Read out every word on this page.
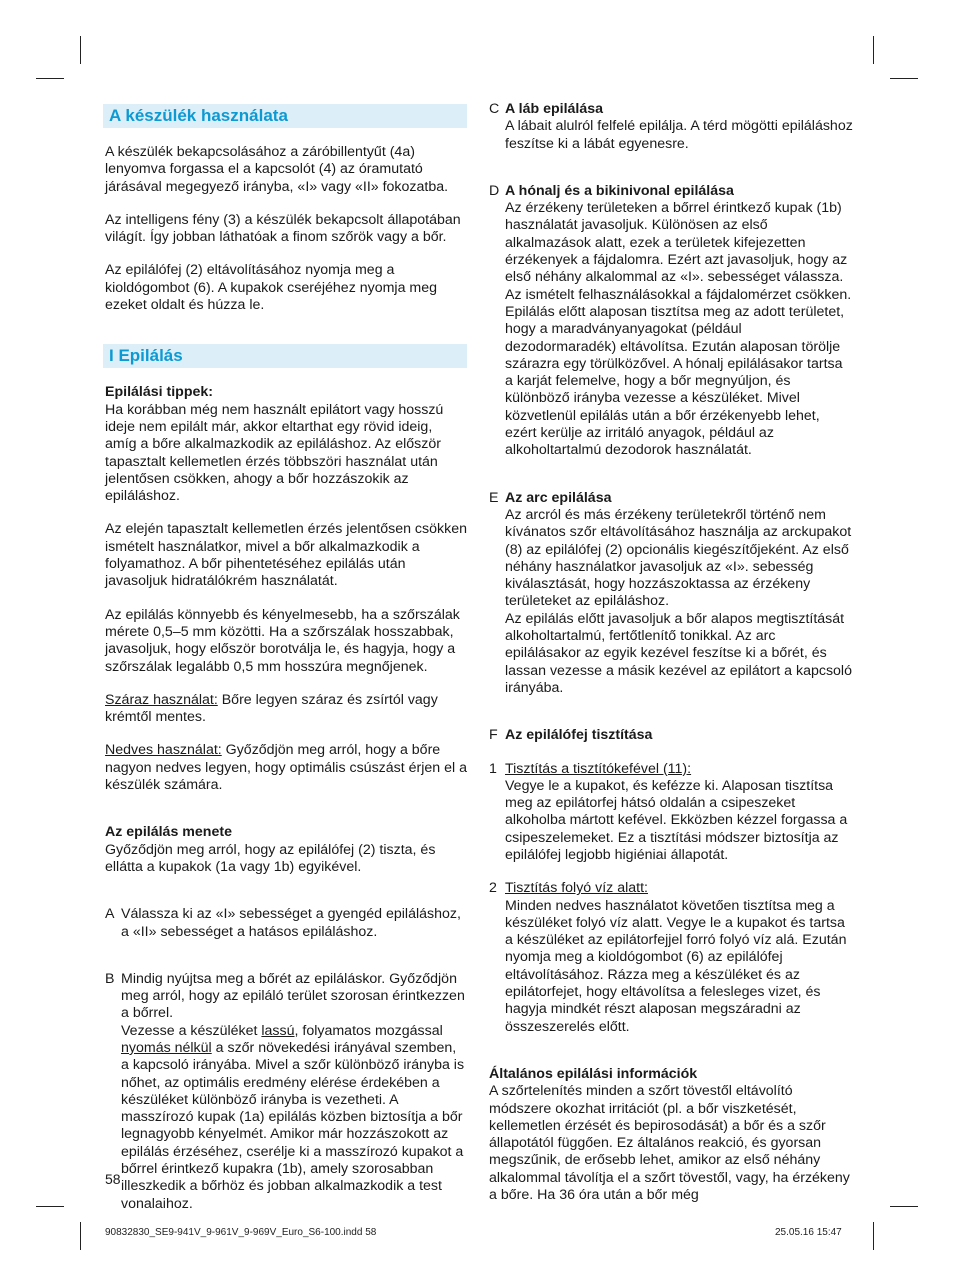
A készülék használata

A készülék bekapcsolásához a záróbillentyűt (4a) lenyomva forgassa el a kapcsolót (4) az óramutató járásával megegyező irányba, «I» vagy «II» fokozatba.

Az intelligens fény (3) a készülék bekapcsolt állapotában világít. Így jobban láthatóak a finom szőrök vagy a bőr.

Az epilálófej (2) eltávolításához nyomja meg a kioldógombot (6). A kupakok cseréjéhez nyomja meg ezeket oldalt és húzza le.

I Epilálás

Epilálási tippek:

Ha korábban még nem használt epilátort vagy hosszú ideje nem epilált már, akkor eltarthat egy rövid ideig, amíg a bőre alkalmazkodik az epiláláshoz. Az először tapasztalt kellemetlen érzés többszöri használat után jelentősen csökken, ahogy a bőr hozzászokik az epiláláshoz.

Az elején tapasztalt kellemetlen érzés jelentősen csökken ismételt használatkor, mivel a bőr alkalmazkodik a folyamathoz. A bőr pihentetéséhez epilálás után javasoljuk hidratálókrém használatát.

Az epilálás könnyebb és kényelmesebb, ha a szőrszálak mérete 0,5–5 mm közötti. Ha a szőrszálak hosszabbak, javasoljuk, hogy először borotválja le, és hagyja, hogy a szőrszálak legalább 0,5 mm hosszúra megnőjenek.

Száraz használat: Bőre legyen száraz és zsírtól vagy krémtől mentes.

Nedves használat: Győződjön meg arról, hogy a bőre nagyon nedves legyen, hogy optimális csúszást érjen el a készülék számára.

Az epilálás menete

Győződjön meg arról, hogy az epilálófej (2) tiszta, és ellátta a kupakok (1a vagy 1b) egyikével.

A Válassza ki az «I» sebességet a gyengéd epiláláshoz, a «II» sebességet a hatásos epiláláshoz.

B Mindig nyújtsa meg a bőrét az epiláláskor. Győződjön meg arról, hogy az epiláló terület szorosan érintkezzen a bőrrel.

Vezesse a készüléket lassú, folyamatos mozgással nyomás nélkül a szőr növekedési irányával szemben, a kapcsoló irányába. Mivel a szőr különböző irányba is nőhet, az optimális eredmény elérése érdekében a készüléket különböző irányba is vezetheti. A masszírozó kupak (1a) epilálás közben biztosítja a bőr legnagyobb kényelmét. Amikor már hozzászokott az epilálás érzéséhez, cserélje ki a masszírozó kupakot a bőrrel érintkező kupakra (1b), amely szorosabban illeszkedik a bőrhöz és jobban alkalmazkodik a test vonalaihoz.

58
C A láb epilálása

A lábait alulról felfelé epilálja. A térd mögötti epiláláshoz feszítse ki a lábát egyenesre.

D A hónalj és a bikinivonal epilálása

Az érzékeny területeken a bőrrel érintkező kupak (1b) használatát javasoljuk. Különösen az első alkalmazások alatt, ezek a területek kifejezetten érzékenyek a fájdalomra. Ezért azt javasoljuk, hogy az első néhány alkalommal az «I». sebességet válassza. Az ismételt felhasználásokkal a fájdalomérzet csökken.

Epilálás előtt alaposan tisztítsa meg az adott területet, hogy a maradványanyagokat (például dezodormaradék) eltávolítsa. Ezután alaposan törölje szárazra egy törülközővel. A hónalj epilálásakor tartsa a karját felemelve, hogy a bőr megnyúljon, és különböző irányba vezesse a készüléket. Mivel közvetlenül epilálás után a bőr érzékenyebb lehet, ezért kerülje az irritáló anyagok, például az alkoholtartalmú dezodorok használatát.

E Az arc epilálása

Az arcról és más érzékeny területekről történő nem kívánatos szőr eltávolításához használja az arckupakot (8) az epilálófej (2) opcionális kiegészítőjeként. Az első néhány használatkor javasoljuk az «I». sebesség kiválasztását, hogy hozzászoktassa az érzékeny területeket az epiláláshoz.

Az epilálás előtt javasoljuk a bőr alapos megtisztítását alkoholtartalmú, fertőtlenítő tonikkal. Az arc epilálásakor az egyik kezével feszítse ki a bőrét, és lassan vezesse a másik kezével az epilátort a kapcsoló irányába.

F Az epilálófej tisztítása

1 Tisztítás a tisztítókefével (11):

Vegye le a kupakot, és kefézze ki. Alaposan tisztítsa meg az epilátorfej hátsó oldalán a csipeszeket alkoholba mártott kefével. Ekközben kézzel forgassa a csipeszelemeket. Ez a tisztítási módszer biztosítja az epilálófej legjobb higiéniai állapotát.

2 Tisztítás folyó víz alatt:

Minden nedves használatot követően tisztítsa meg a készüléket folyó víz alatt. Vegye le a kupakot és tartsa a készüléket az epilátorfejjel forró folyó víz alá. Ezután nyomja meg a kioldógombot (6) az epilálófej eltávolításához. Rázza meg a készüléket és az epilátorfejet, hogy eltávolítsa a felesleges vizet, és hagyja mindkét részt alaposan megszáradni az összeszerelés előtt.

Általános epilálási információk

A szőrtelenítés minden a szőrt tövestől eltávolító módszere okozhat irritációt (pl. a bőr viszketését, kellemetlen érzését és bepirosodását) a bőr és a szőr állapotától függően. Ez általános reakció, és gyorsan megszűnik, de erősebb lehet, amikor az első néhány alkalommal távolítja el a szőrt tövestől, vagy, ha érzékeny a bőre. Ha 36 óra után a bőr még

90832830_SE9-941V_9-961V_9-969V_Euro_S6-100.indd 58	25.05.16 15:47
